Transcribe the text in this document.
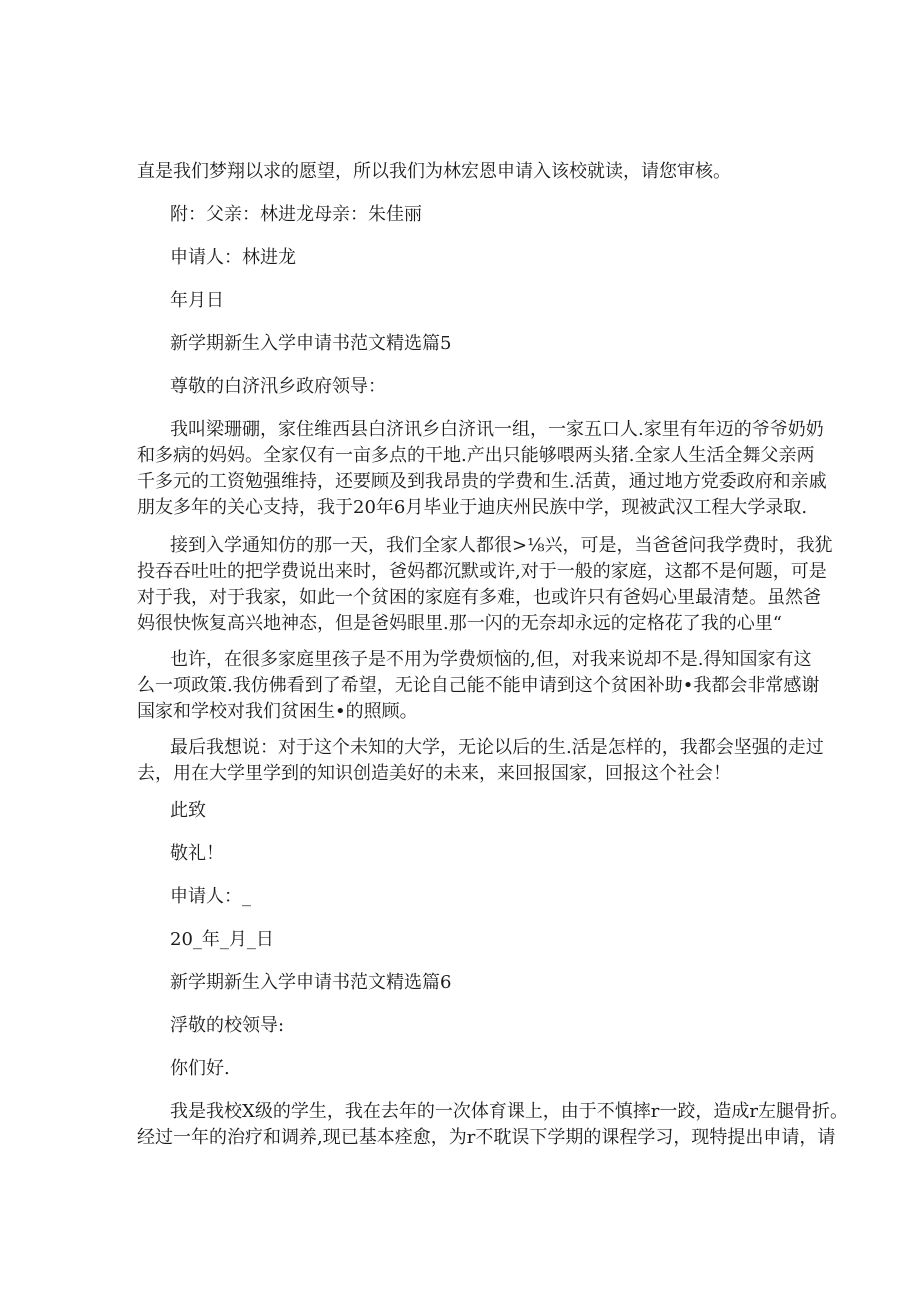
直是我们梦翔以求的愿望，所以我们为林宏恩申请入该校就读，请您审核。
附：父亲：林进龙母亲：朱佳丽
申请人：林进龙
年月日
新学期新生入学申请书范文精选篇5
尊敬的白济汛乡政府领导：
我叫梁珊硼，家住维西县白济讯乡白济讯一组，一家五口人.家里有年迈的爷爷奶奶
和多病的妈妈。全家仅有一亩多点的干地.产出只能够喂两头猪.全家人生活全舞父亲两
千多元的工资勉强维持，还要顾及到我昂贵的学费和生.活黄，通过地方党委政府和亲戚
朋友多年的关心支持，我于20年6月毕业于迪庆州民族中学，现被武汉工程大学录取.
接到入学通知仿的那一天，我们全家人都很>⅛兴，可是，当爸爸问我学费时，我犹
投吞吞吐吐的把学费说出来时，爸妈都沉默或许,对于一般的家庭，这都不是何题，可是
对于我，对于我家，如此一个贫困的家庭有多难，也或许只有爸妈心里最清楚。虽然爸
妈很快恢复高兴地神态，但是爸妈眼里.那一闪的无奈却永远的定格花了我的心里“
也许，在很多家庭里孩子是不用为学费烦恼的,但，对我来说却不是.得知国家有这
么一项政策.我仿佛看到了希望，无论自己能不能申请到这个贫困补助•我都会非常感谢
国家和学校对我们贫困生•的照顾。
最后我想说：对于这个未知的大学，无论以后的生.活是怎样的，我都会坚强的走过
去，用在大学里学到的知识创造美好的未来，来回报国家，回报这个社会！
此致
敬礼！
申请人：_
20_年_月_日
新学期新生入学申请书范文精选篇6
浮敬的校领导:
你们好.
我是我校X级的学生，我在去年的一次体育课上，由于不慎摔r一跤，造成r左腿骨折。
经过一年的治疗和调养,现已基本痊愈，为r不耽误下学期的课程学习，现特提出申请，请
